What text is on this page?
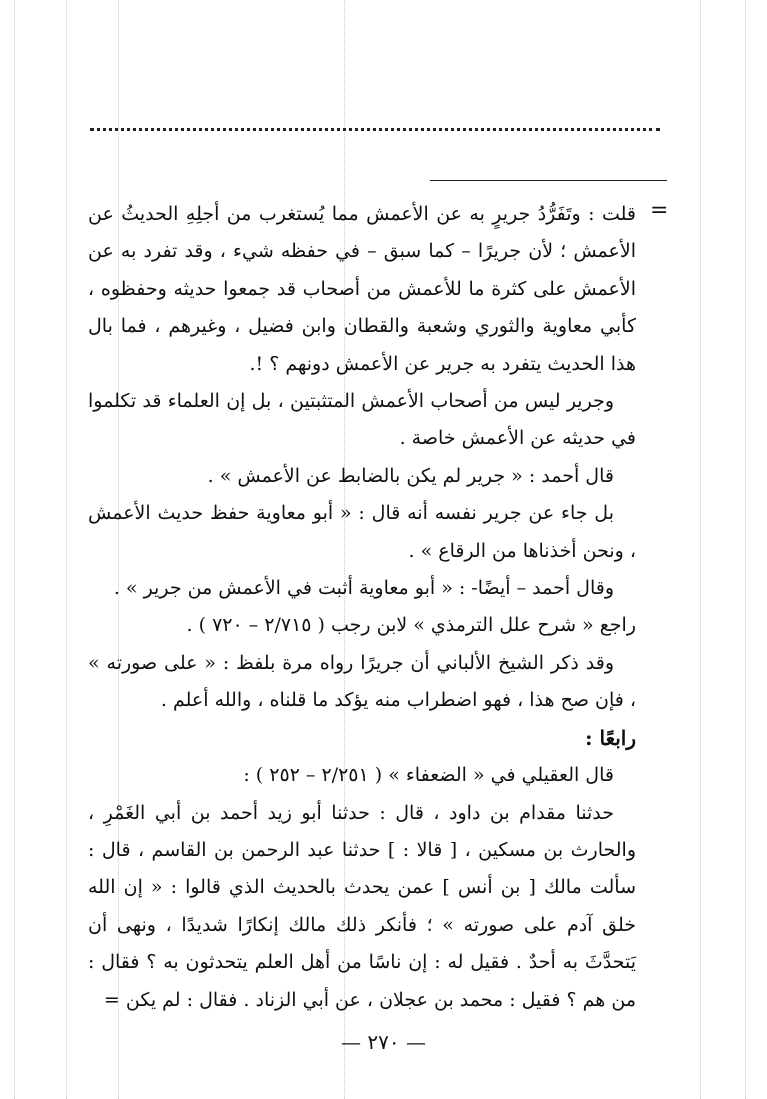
=

قلت : وتَفَرُّدُ جريرٍ به عن الأعمش مما يُستغرب من أجلِهِ الحديثُ عن الأعمش ؛ لأن جريرًا – كما سبق – في حفظه شيء ، وقد تفرد به عن الأعمش على كثرة ما للأعمش من أصحاب قد جمعوا حديثه وحفظوه ، كأبي معاوية والثوري وشعبة والقطان وابن فضيل ، وغيرهم ، فما بال هذا الحديث يتفرد به جرير عن الأعمش دونهم ؟ !.

وجرير ليس من أصحاب الأعمش المتثبتين ، بل إن العلماء قد تكلموا في حديثه عن الأعمش خاصة .

قال أحمد : « جرير لم يكن بالضابط عن الأعمش » .

بل جاء عن جرير نفسه أنه قال : « أبو معاوية حفظ حديث الأعمش ، ونحن أخذناها من الرقاع » .

وقال أحمد – أيضًا- : « أبو معاوية أثبت في الأعمش من جرير » .

راجع « شرح علل الترمذي » لابن رجب ( ٢/٧١٥ – ٧٢٠ ) .

وقد ذكر الشيخ الألباني أن جريرًا رواه مرة بلفظ : « على صورته » ، فإن صح هذا ، فهو اضطراب منه يؤكد ما قلناه ، والله أعلم .

رابعًا :

قال العقيلي في « الضعفاء » ( ٢/٢٥١ – ٢٥٢ ) :

حدثنا مقدام بن داود ، قال : حدثنا أبو زيد أحمد بن أبي الغَمْرِ ، والحارث بن مسكين ، [ قالا : ] حدثنا عبد الرحمن بن القاسم ، قال : سألت مالك [ بن أنس ] عمن يحدث بالحديث الذي قالوا : « إن الله خلق آدم على صورته » ؛ فأنكر ذلك مالك إنكارًا شديدًا ، ونهى أن يَتحدَّثَ به أحدٌ . فقيل له : إن ناسًا من أهل العلم يتحدثون به ؟ فقال : من هم ؟ فقيل : محمد بن عجلان ، عن أبي الزناد . فقال : لم يكن =

— ٢٧٠ —
